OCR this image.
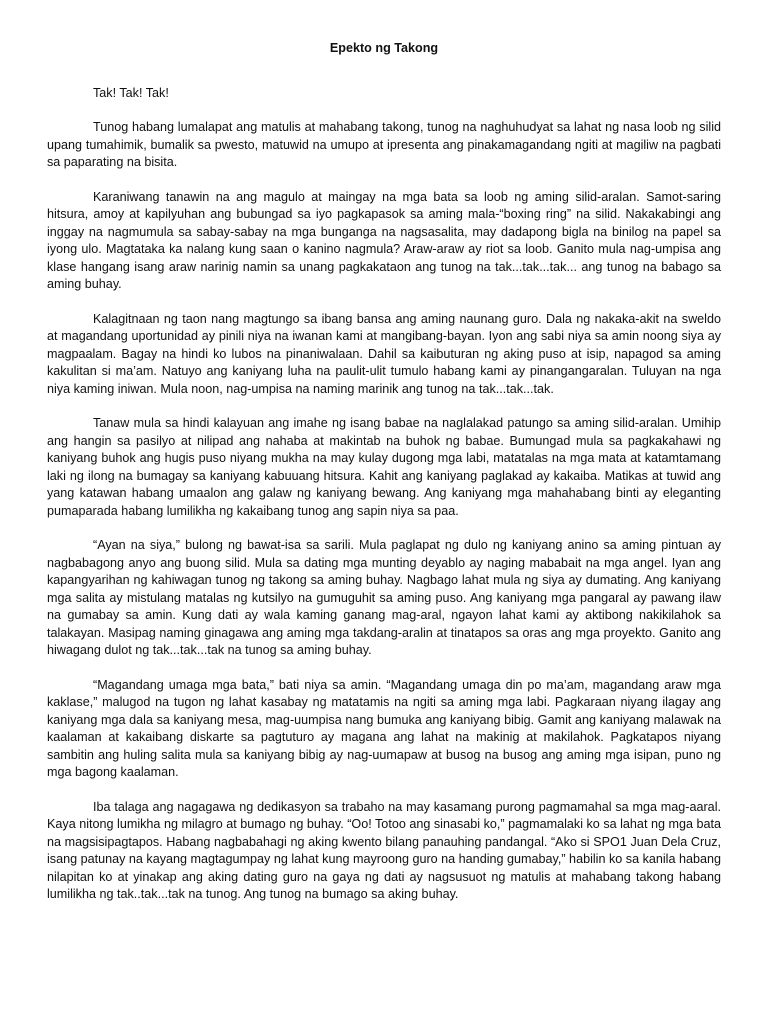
Epekto ng Takong

Tak! Tak! Tak!

Tunog habang lumalapat ang matulis at mahabang takong, tunog na naghuhudyat sa lahat ng nasa loob ng silid upang tumahimik, bumalik sa pwesto, matuwid na umupo at ipresenta ang pinakamagandang ngiti at magiliw na pagbati sa paparating na bisita.

Karaniwang tanawin na ang magulo at maingay na mga bata sa loob ng aming silid-aralan. Samot-saring hitsura, amoy at kapilyuhan ang bubungad sa iyo pagkapasok sa aming mala-“boxing ring” na silid. Nakakabingi ang inggay na nagmumula sa sabay-sabay na mga bunganga na nagsasalita, may dadapong bigla na binilog na papel sa iyong ulo. Magtataka ka nalang kung saan o kanino nagmula? Araw-araw ay riot sa loob. Ganito mula nag-umpisa ang klase hangang isang araw narinig namin sa unang pagkakataon ang tunog na tak...tak...tak... ang tunog na babago sa aming buhay.

Kalagitnaan ng taon nang magtungo sa ibang bansa ang aming naunang guro. Dala ng nakaka-akit na sweldo at magandang uportunidad ay pinili niya na iwanan kami at mangibang-bayan. Iyon ang sabi niya sa amin noong siya ay magpaalam. Bagay na hindi ko lubos na pinaniwalaan. Dahil sa kaibuturan ng aking puso at isip, napagod sa aming kakulitan si ma’am. Natuyo ang kaniyang luha na paulit-ulit tumulo habang kami ay pinangangaralan. Tuluyan na nga niya kaming iniwan. Mula noon, nag-umpisa na naming marinik ang tunog na tak...tak...tak.

Tanaw mula sa hindi kalayuan ang imahe ng isang babae na naglalakad patungo sa aming silid-aralan. Umihip ang hangin sa pasilyo at nilipad ang nahaba at makintab na buhok ng babae. Bumungad mula sa pagkakahawi ng kaniyang buhok ang hugis puso niyang mukha na may kulay dugong mga labi, matatalas na mga mata at katamtamang laki ng ilong na bumagay sa kaniyang kabuuang hitsura. Kahit ang kaniyang paglakad ay kakaiba. Matikas at tuwid ang yang katawan habang umaalon ang galaw ng kaniyang bewang. Ang kaniyang mga mahahabang binti ay eleganting pumaparada habang lumilikha ng kakaibang tunog ang sapin niya sa paa.

“Ayan na siya,” bulong ng bawat-isa sa sarili. Mula paglapat ng dulo ng kaniyang anino sa aming pintuan ay nagbabagong anyo ang buong silid. Mula sa dating mga munting deyablo ay naging mababait na mga angel. Iyan ang kapangyarihan ng kahiwagan tunog ng takong sa aming buhay. Nagbago lahat mula ng siya ay dumating. Ang kaniyang mga salita ay mistulang matalas ng kutsilyo na gumuguhit sa aming puso. Ang kaniyang mga pangaral ay pawang ilaw na gumabay sa amin. Kung dati ay wala kaming ganang mag-aral, ngayon lahat kami ay aktibong nakikilahok sa talakayan. Masipag naming ginagawa ang aming mga takdang-aralin at tinatapos sa oras ang mga proyekto. Ganito ang hiwagang dulot ng tak...tak...tak na tunog sa aming buhay.

“Magandang umaga mga bata,” bati niya sa amin. “Magandang umaga din po ma’am, magandang araw mga kaklase,” malugod na tugon ng lahat kasabay ng matatamis na ngiti sa aming mga labi. Pagkaraan niyang ilagay ang kaniyang mga dala sa kaniyang mesa, mag-uumpisa nang bumuka ang kaniyang bibig. Gamit ang kaniyang malawak na kaalaman at kakaibang diskarte sa pagtuturo ay magana ang lahat na makinig at makilahok. Pagkatapos niyang sambitin ang huling salita mula sa kaniyang bibig ay nag-uumapaw at busog na busog ang aming mga isipan, puno ng mga bagong kaalaman.

Iba talaga ang nagagawa ng dedikasyon sa trabaho na may kasamang purong pagmamahal sa mga mag-aaral. Kaya nitong lumikha ng milagro at bumago ng buhay. “Oo! Totoo ang sinasabi ko,” pagmamalaki ko sa lahat ng mga bata na magsisipagtapos. Habang nagbabahagi ng aking kwento bilang panauhing pandangal. “Ako si SPO1 Juan Dela Cruz, isang patunay na kayang magtagumpay ng lahat kung mayroong guro na handing gumabay,” habilin ko sa kanila habang nilapitan ko at yinakap ang aking dating guro na gaya ng dati ay nagsusuot ng matulis at mahabang takong habang lumilikha ng tak..tak...tak na tunog. Ang tunog na bumago sa aking buhay.
